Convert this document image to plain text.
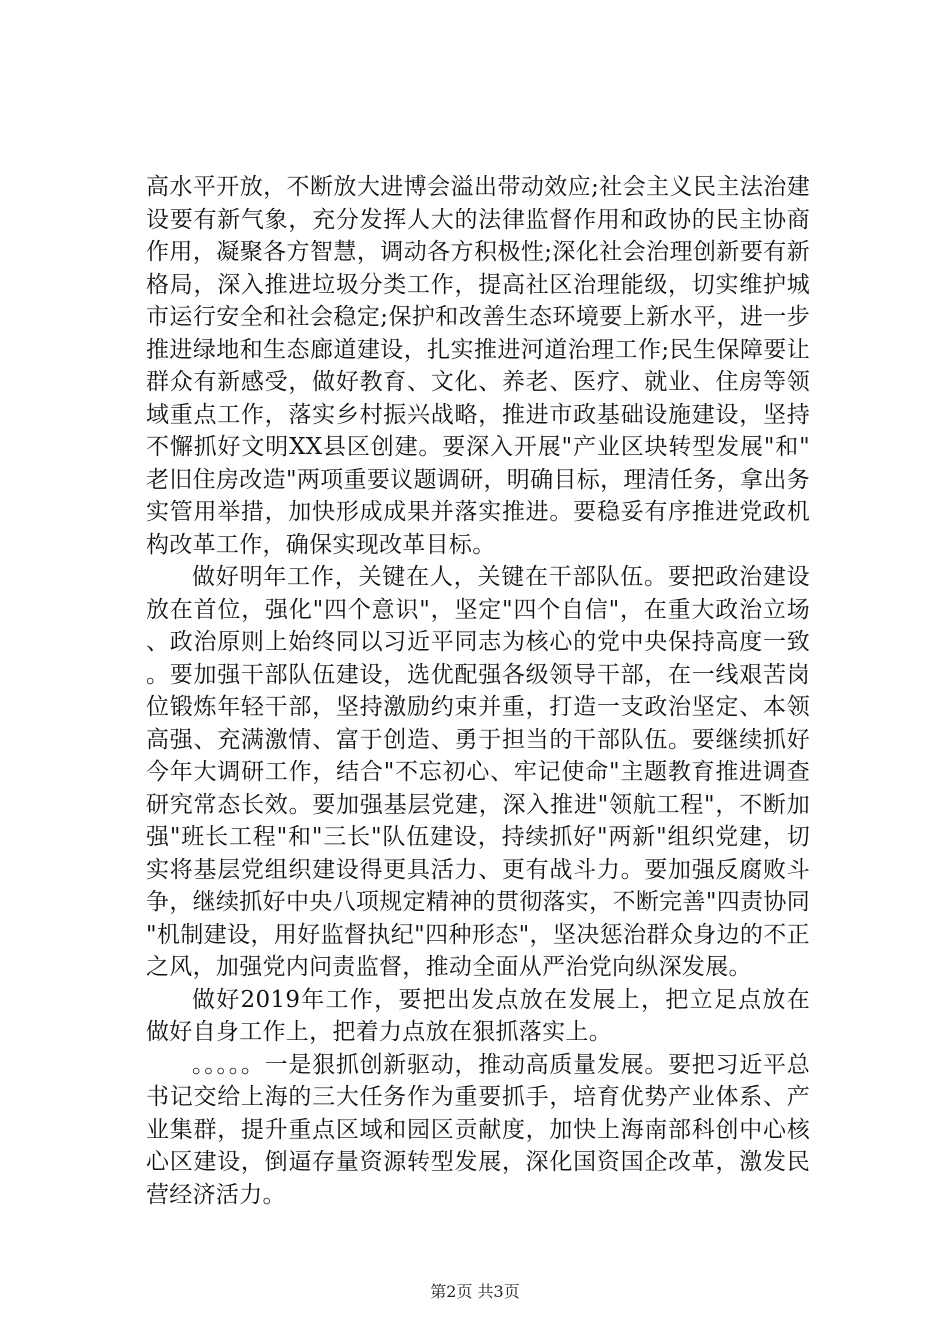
高水平开放，不断放大进博会溢出带动效应;社会主义民主法治建设要有新气象，充分发挥人大的法律监督作用和政协的民主协商作用，凝聚各方智慧，调动各方积极性;深化社会治理创新要有新格局，深入推进垃圾分类工作，提高社区治理能级，切实维护城市运行安全和社会稳定;保护和改善生态环境要上新水平，进一步推进绿地和生态廊道建设，扎实推进河道治理工作;民生保障要让群众有新感受，做好教育、文化、养老、医疗、就业、住房等领域重点工作，落实乡村振兴战略，推进市政基础设施建设，坚持不懈抓好文明XX县区创建。要深入开展"产业区块转型发展"和"老旧住房改造"两项重要议题调研，明确目标，理清任务，拿出务实管用举措，加快形成成果并落实推进。要稳妥有序推进党政机构改革工作，确保实现改革目标。

做好明年工作，关键在人，关键在干部队伍。要把政治建设放在首位，强化"四个意识"，坚定"四个自信"，在重大政治立场、政治原则上始终同以习近平同志为核心的党中央保持高度一致。要加强干部队伍建设，选优配强各级领导干部，在一线艰苦岗位锻炼年轻干部，坚持激励约束并重，打造一支政治坚定、本领高强、充满激情、富于创造、勇于担当的干部队伍。要继续抓好今年大调研工作，结合"不忘初心、牢记使命"主题教育推进调查研究常态长效。要加强基层党建，深入推进"领航工程"，不断加强"班长工程"和"三长"队伍建设，持续抓好"两新"组织党建，切实将基层党组织建设得更具活力、更有战斗力。要加强反腐败斗争，继续抓好中央八项规定精神的贯彻落实，不断完善"四责协同"机制建设，用好监督执纪"四种形态"，坚决惩治群众身边的不正之风，加强党内问责监督，推动全面从严治党向纵深发展。

做好2019年工作，要把出发点放在发展上，把立足点放在做好自身工作上，把着力点放在狠抓落实上。

。。。。。一是狠抓创新驱动，推动高质量发展。要把习近平总书记交给上海的三大任务作为重要抓手，培育优势产业体系、产业集群，提升重点区域和园区贡献度，加快上海南部科创中心核心区建设，倒逼存量资源转型发展，深化国资国企改革，激发民营经济活力。

第2页 共3页
